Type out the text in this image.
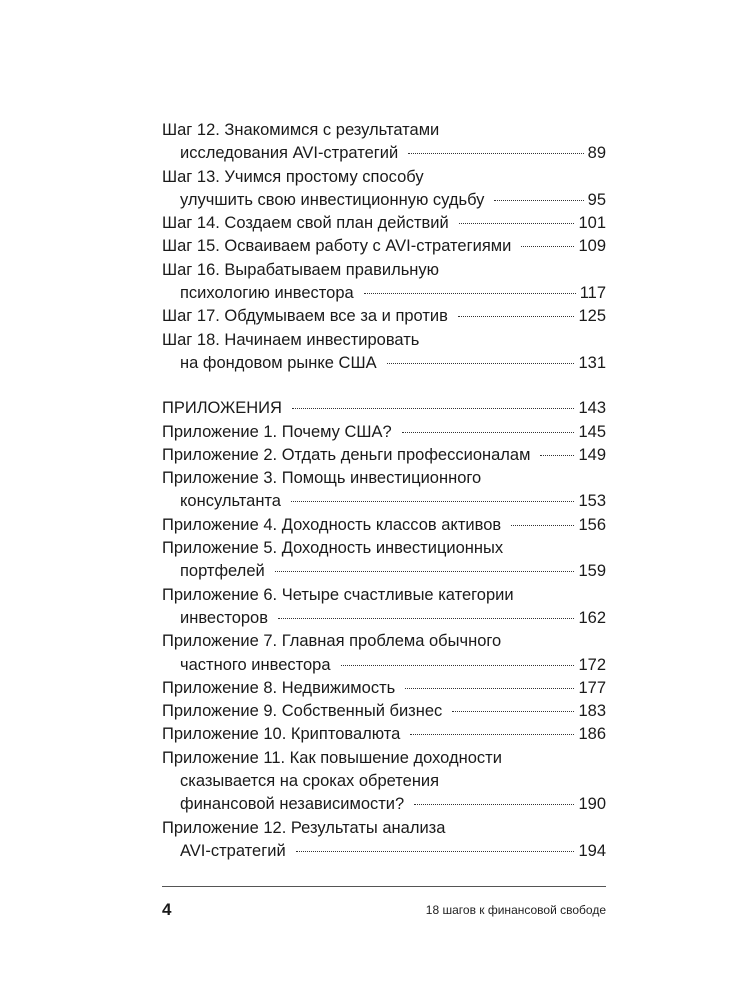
Шаг 12. Знакомимся с результатами
исследования AVI-стратегий	89
Шаг 13. Учимся простому способу
улучшить свою инвестиционную судьбу	95
Шаг 14. Создаем свой план действий	101
Шаг 15. Осваиваем работу с AVI-стратегиями	109
Шаг 16. Вырабатываем правильную
психологию инвестора	117
Шаг 17. Обдумываем все за и против	125
Шаг 18. Начинаем инвестировать
на фондовом рынке США	131
ПРИЛОЖЕНИЯ	143
Приложение 1. Почему США?	145
Приложение 2. Отдать деньги профессионалам	149
Приложение 3. Помощь инвестиционного
консультанта	153
Приложение 4. Доходность классов активов	156
Приложение 5. Доходность инвестиционных
портфелей	159
Приложение 6. Четыре счастливые категории
инвесторов	162
Приложение 7. Главная проблема обычного
частного инвестора	172
Приложение 8. Недвижимость	177
Приложение 9. Собственный бизнес	183
Приложение 10. Криптовалюта	186
Приложение 11. Как повышение доходности
сказывается на сроках обретения
финансовой независимости?	190
Приложение 12. Результаты анализа
AVI-стратегий	194
4	18 шагов к финансовой свободе
